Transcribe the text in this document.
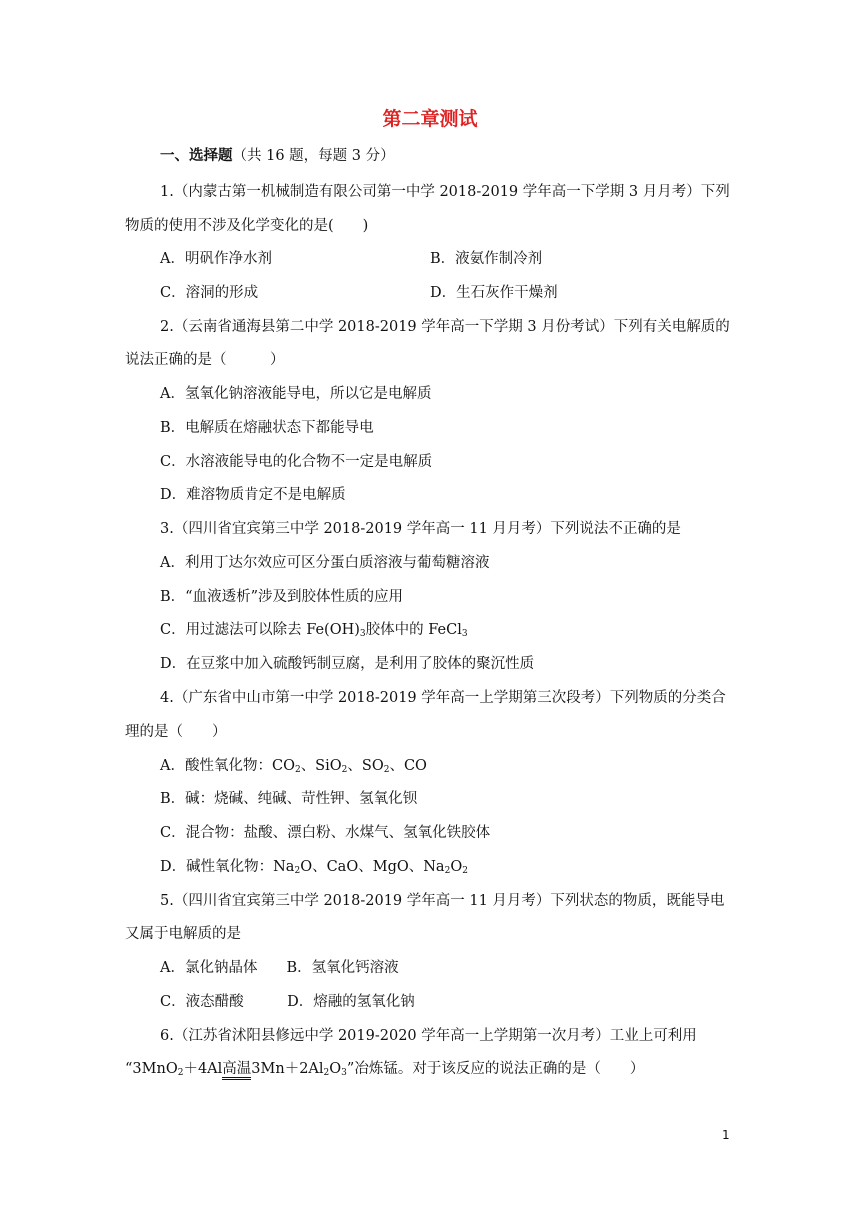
第二章测试
一、选择题（共 16 题，每题 3 分）
1.（内蒙古第一机械制造有限公司第一中学 2018-2019 学年高一下学期 3 月月考）下列
物质的使用不涉及化学变化的是(　　)
A．明矾作净水剂	B．液氨作制冷剂
C．溶洞的形成	D．生石灰作干燥剂
2.（云南省通海县第二中学 2018-2019 学年高一下学期 3 月份考试）下列有关电解质的
说法正确的是（　　　）
A．氢氧化钠溶液能导电，所以它是电解质
B．电解质在熔融状态下都能导电
C．水溶液能导电的化合物不一定是电解质
D．难溶物质肯定不是电解质
3.（四川省宜宾第三中学 2018-2019 学年高一 11 月月考）下列说法不正确的是
A．利用丁达尔效应可区分蛋白质溶液与葡萄糖溶液
B．“血液透析”涉及到胶体性质的应用
C．用过滤法可以除去 $Fe(OH)_3$胶体中的 FeCl$_3$
D．在豆浆中加入硫酸钙制豆腐，是利用了胶体的聚沉性质
4.（广东省中山市第一中学 2018-2019 学年高一上学期第三次段考）下列物质的分类合
理的是（　　）
A．酸性氧化物：$CO_2$、SiO$_2$、$SO_2$、CO
B．碱：烧碱、纯碱、苛性钾、氢氧化钡
C．混合物：盐酸、漂白粉、水煤气、氢氧化铁胶体
D．碱性氧化物：$Na_2O$、CaO、MgO、$Na_2O_2$
5.（四川省宜宾第三中学 2018-2019 学年高一 11 月月考）下列状态的物质，既能导电
又属于电解质的是
A．氯化钠晶体　　B．氢氧化钙溶液
C．液态醋酸　　　D．熔融的氢氧化钠
6.（江苏省沭阳县修远中学 2019-2020 学年高一上学期第一次月考）工业上可利用
“3MnO$_2$＋4Al高温$3Mn+2Al_2O_3$”冶炼锰。对于该反应的说法正确的是（　　）
1
